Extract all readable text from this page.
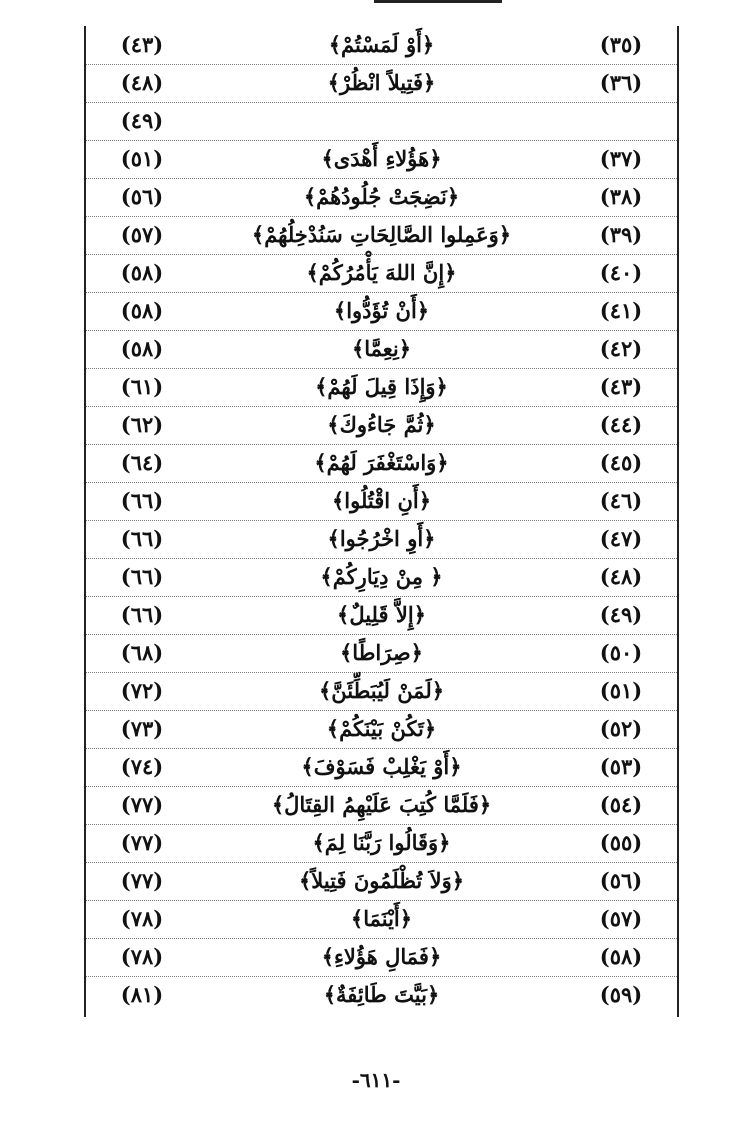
(٤٣)	﴿أَوْ لَمَسْتُمْ﴾	(٣٥)
(٤٨)	﴿فَتِيلاً انْظُرْ﴾	(٣٦)
(٤٩)
(٥١)	﴿هَؤُلاءِ أَهْدَى﴾	(٣٧)
(٥٦)	﴿نَضِجَتْ جُلُودُهُمْ﴾	(٣٨)
(٥٧)	﴿وَعَمِلوا الصَّالِحَاتِ سَنُدْخِلُهُمْ﴾	(٣٩)
(٥٨)	﴿إِنَّ اللهَ يَأْمُرُكُمْ﴾	(٤٠)
(٥٨)	﴿أَنْ تُؤَدُّوا﴾	(٤١)
(٥٨)	﴿نِعِمَّا﴾	(٤٢)
(٦١)	﴿وَإِذَا قِيلَ لَهُمْ﴾	(٤٣)
(٦٢)	﴿ثُمَّ جَاءُوكَ﴾	(٤٤)
(٦٤)	﴿وَاسْتَغْفَرَ لَهُمْ﴾	(٤٥)
(٦٦)	﴿أَنِ اقْتُلُوا﴾	(٤٦)
(٦٦)	﴿أَوِ اخْرُجُوا﴾	(٤٧)
(٦٦)	﴿ مِنْ دِيَارِكُمْ﴾	(٤٨)
(٦٦)	﴿إِلاَّ قَلِيلٌ﴾	(٤٩)
(٦٨)	﴿صِرَاطًا﴾	(٥٠)
(٧٢)	﴿لَمَنْ لَيُبَطِّئَنَّ﴾	(٥١)
(٧٣)	﴿تَكُنْ بَيْنَكُمْ﴾	(٥٢)
(٧٤)	﴿أَوْ يَغْلِبْ فَسَوْفَ﴾	(٥٣)
(٧٧)	﴿فَلَمَّا كُتِبَ عَلَيْهِمُ القِتَالُ﴾	(٥٤)
(٧٧)	﴿وَقَالُوا رَبَّنَا لِمَ﴾	(٥٥)
(٧٧)	﴿وَلاَ تُظْلَمُونَ فَتِيلاً﴾	(٥٦)
(٧٨)	﴿أَيْنَمَا﴾	(٥٧)
(٧٨)	﴿فَمَالِ هَؤُلاءِ﴾	(٥٨)
(٨١)	﴿بَيَّتَ طَائِفَةٌ﴾	(٥٩)
-٦١١-
